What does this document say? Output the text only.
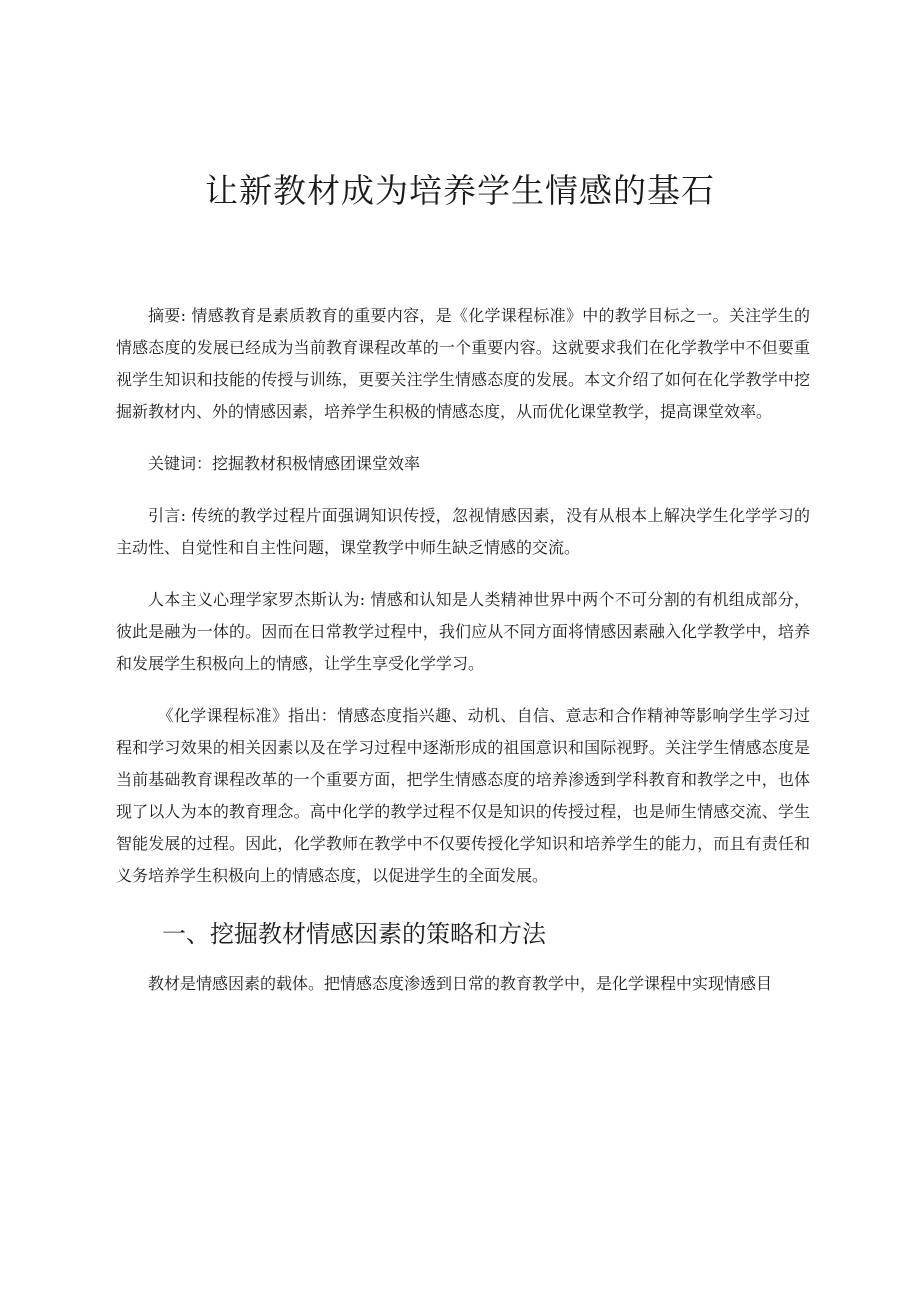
让新教材成为培养学生情感的基石

摘要: 情感教育是素质教育的重要内容，是《化学课程标准》中的教学目标之一。关注学生的情感态度的发展已经成为当前教育课程改革的一个重要内容。这就要求我们在化学教学中不但要重视学生知识和技能的传授与训练，更要关注学生情感态度的发展。本文介绍了如何在化学教学中挖掘新教材内、外的情感因素，培养学生积极的情感态度，从而优化课堂教学，提高课堂效率。

关键词：挖掘教材积极情感团课堂效率

引言: 传统的教学过程片面强调知识传授，忽视情感因素，没有从根本上解决学生化学学习的主动性、自觉性和自主性问题，课堂教学中师生缺乏情感的交流。

人本主义心理学家罗杰斯认为: 情感和认知是人类精神世界中两个不可分割的有机组成部分，彼此是融为一体的。因而在日常教学过程中，我们应从不同方面将情感因素融入化学教学中，培养和发展学生积极向上的情感，让学生享受化学学习。

《化学课程标准》指出：情感态度指兴趣、动机、自信、意志和合作精神等影响学生学习过程和学习效果的相关因素以及在学习过程中逐渐形成的祖国意识和国际视野。关注学生情感态度是当前基础教育课程改革的一个重要方面，把学生情感态度的培养渗透到学科教育和教学之中，也体现了以人为本的教育理念。高中化学的教学过程不仅是知识的传授过程，也是师生情感交流、学生智能发展的过程。因此，化学教师在教学中不仅要传授化学知识和培养学生的能力，而且有责任和义务培养学生积极向上的情感态度，以促进学生的全面发展。

一、挖掘教材情感因素的策略和方法

教材是情感因素的载体。把情感态度渗透到日常的教育教学中，是化学课程中实现情感目
